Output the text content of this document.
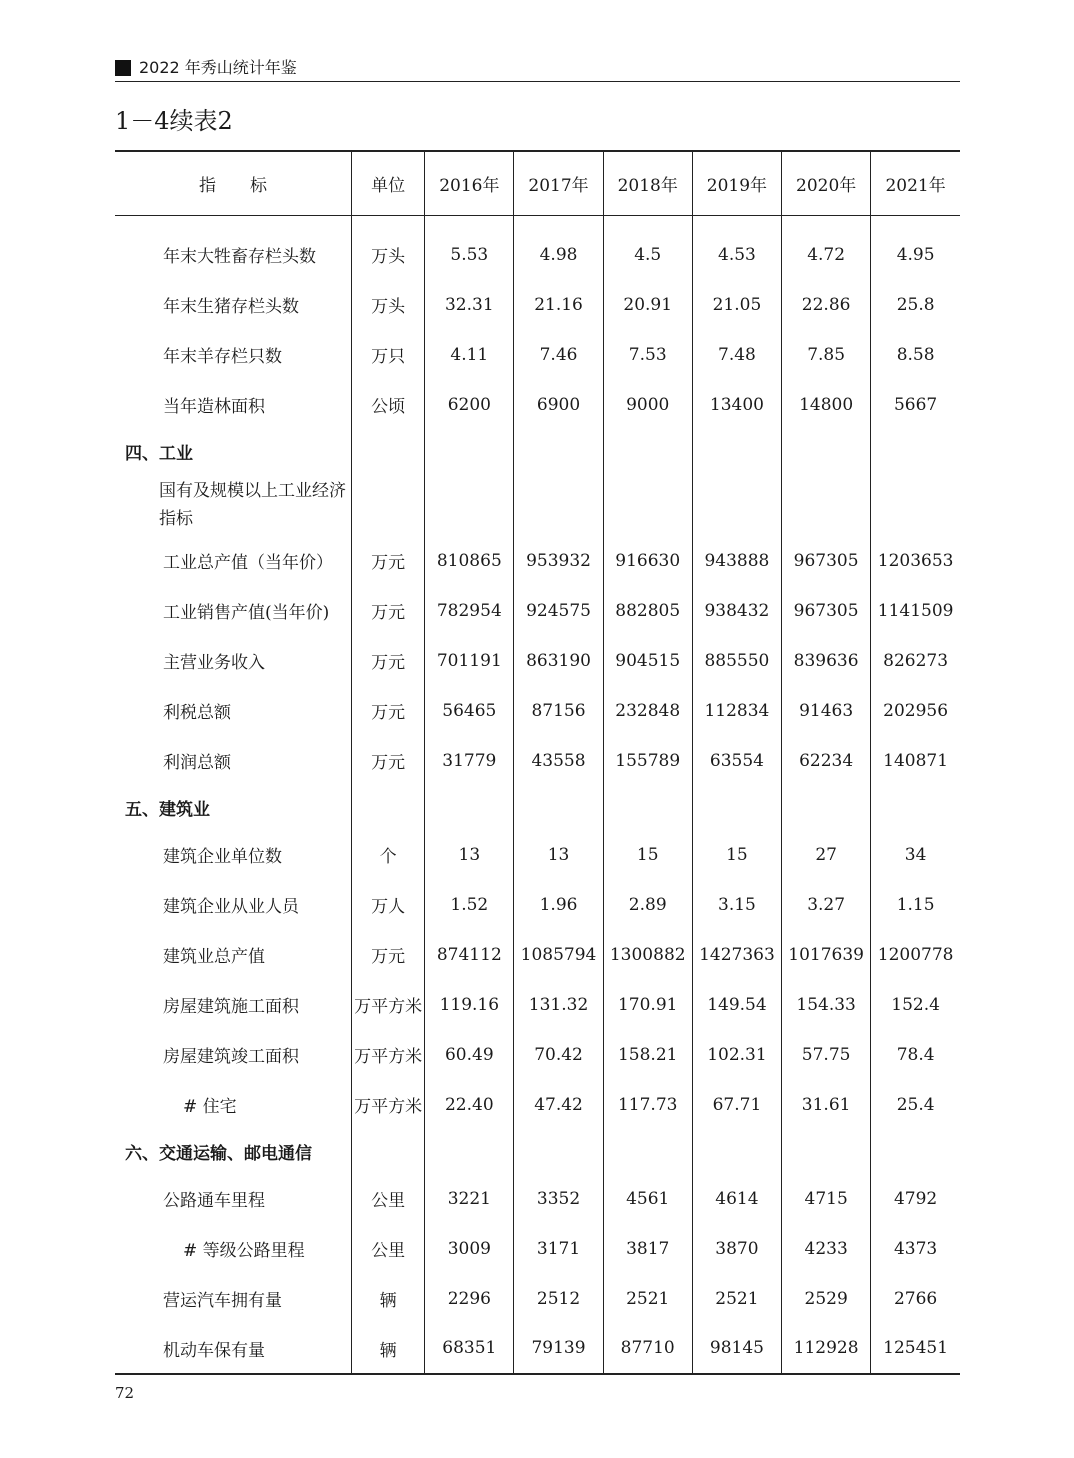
2022 年秀山统计年鉴
1－4续表2
指　　标	单位	2016年	2017年	2018年	2019年	2020年	2021年

年末大牲畜存栏头数	万头	5.53	4.98	4.5	4.53	4.72	4.95
年末生猪存栏头数	万头	32.31	21.16	20.91	21.05	22.86	25.8
年末羊存栏只数	万只	4.11	7.46	7.53	7.48	7.85	8.58
当年造林面积	公顷	6200	6900	9000	13400	14800	5667
四、工业							
国有及规模以上工业经济指标							
工业总产值（当年价）	万元	810865	953932	916630	943888	967305	1203653
工业销售产值(当年价)	万元	782954	924575	882805	938432	967305	1141509
主营业务收入	万元	701191	863190	904515	885550	839636	826273
利税总额	万元	56465	87156	232848	112834	91463	202956
利润总额	万元	31779	43558	155789	63554	62234	140871
五、建筑业							
建筑企业单位数	个	13	13	15	15	27	34
建筑企业从业人员	万人	1.52	1.96	2.89	3.15	3.27	1.15
建筑业总产值	万元	874112	1085794	1300882	1427363	1017639	1200778
房屋建筑施工面积	万平方米	119.16	131.32	170.91	149.54	154.33	152.4
房屋建筑竣工面积	万平方米	60.49	70.42	158.21	102.31	57.75	78.4
# 住宅	万平方米	22.40	47.42	117.73	67.71	31.61	25.4
六、交通运输、邮电通信							
公路通车里程	公里	3221	3352	4561	4614	4715	4792
# 等级公路里程	公里	3009	3171	3817	3870	4233	4373
营运汽车拥有量	辆	2296	2512	2521	2521	2529	2766
机动车保有量	辆	68351	79139	87710	98145	112928	125451
72
